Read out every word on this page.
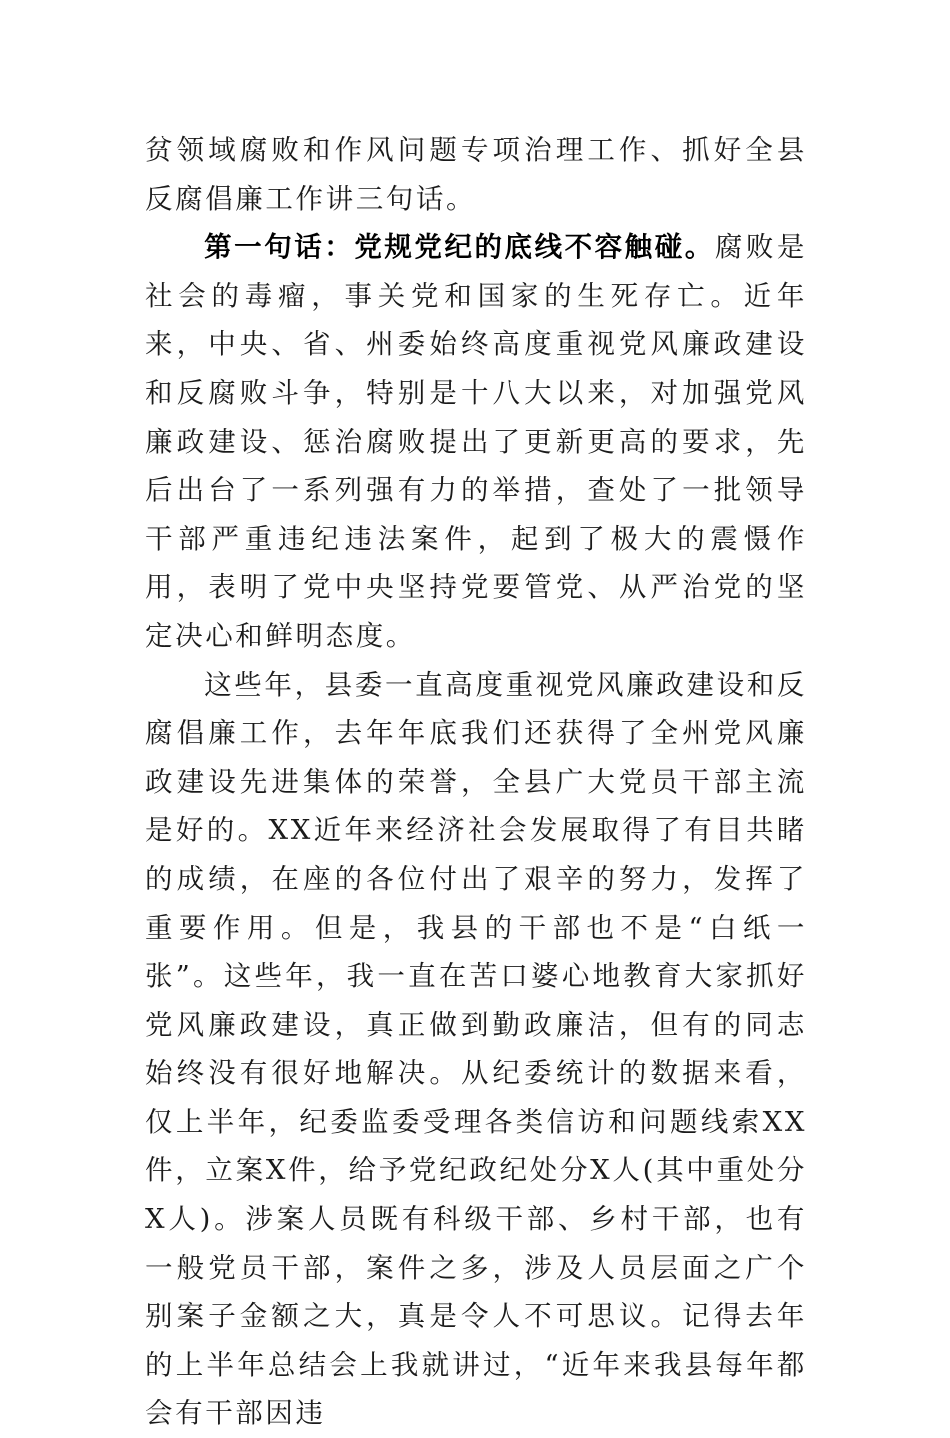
贫领域腐败和作风问题专项治理工作、抓好全县反腐倡廉工作讲三句话。

第一句话：党规党纪的底线不容触碰。腐败是社会的毒瘤，事关党和国家的生死存亡。近年来，中央、省、州委始终高度重视党风廉政建设和反腐败斗争，特别是十八大以来，对加强党风廉政建设、惩治腐败提出了更新更高的要求，先后出台了一系列强有力的举措，查处了一批领导干部严重违纪违法案件，起到了极大的震慑作用，表明了党中央坚持党要管党、从严治党的坚定决心和鲜明态度。

这些年，县委一直高度重视党风廉政建设和反腐倡廉工作，去年年底我们还获得了全州党风廉政建设先进集体的荣誉，全县广大党员干部主流是好的。XX近年来经济社会发展取得了有目共睹的成绩，在座的各位付出了艰辛的努力，发挥了重要作用。但是，我县的干部也不是“白纸一张”。这些年，我一直在苦口婆心地教育大家抓好党风廉政建设，真正做到勤政廉洁，但有的同志始终没有很好地解决。从纪委统计的数据来看，仅上半年，纪委监委受理各类信访和问题线索XX件，立案X件，给予党纪政纪处分X人(其中重处分X人)。涉案人员既有科级干部、乡村干部，也有一般党员干部，案件之多，涉及人员层面之广个别案子金额之大，真是令人不可思议。记得去年的上半年总结会上我就讲过，“近年来我县每年都会有干部因违
